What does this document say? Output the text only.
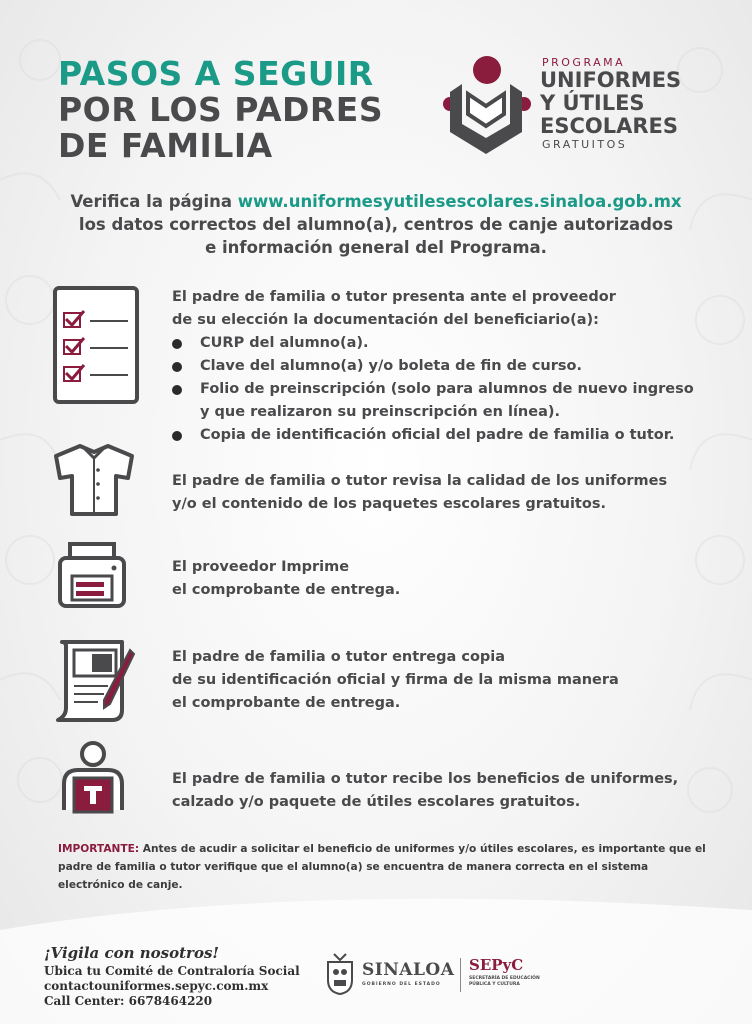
PASOS A SEGUIR
POR LOS PADRES
DE FAMILIA
PROGRAMA
UNIFORMES
Y ÚTILES
ESCOLARES
GRATUITOS
Verifica la página www.uniformesyutilesescolares.sinaloa.gob.mx
los datos correctos del alumno(a), centros de canje autorizados
e información general del Programa.
El padre de familia o tutor presenta ante el proveedor
de su elección la documentación del beneficiario(a):
CURP del alumno(a).
Clave del alumno(a) y/o boleta de fin de curso.
Folio de preinscripción (solo para alumnos de nuevo ingreso
y que realizaron su preinscripción en línea).
Copia de identificación oficial del padre de familia o tutor.
El padre de familia o tutor revisa la calidad de los uniformes
y/o el contenido de los paquetes escolares gratuitos.
El proveedor Imprime
el comprobante de entrega.
El padre de familia o tutor entrega copia
de su identificación oficial y firma de la misma manera
el comprobante de entrega.
El padre de familia o tutor recibe los beneficios de uniformes,
calzado y/o paquete de útiles escolares gratuitos.
IMPORTANTE: Antes de acudir a solicitar el beneficio de uniformes y/o útiles escolares, es importante que el padre de familia o tutor verifique que el alumno(a) se encuentra de manera correcta en el sistema electrónico de canje.
¡Vigila con nosotros!
Ubica tu Comité de Contraloría Social
contactouniformes.sepyc.com.mx
Call Center: 6678464220
SINALOA
GOBIERNO DEL ESTADO
SEPyC
SECRETARÍA DE EDUCACIÓN PÚBLICA Y CULTURA
